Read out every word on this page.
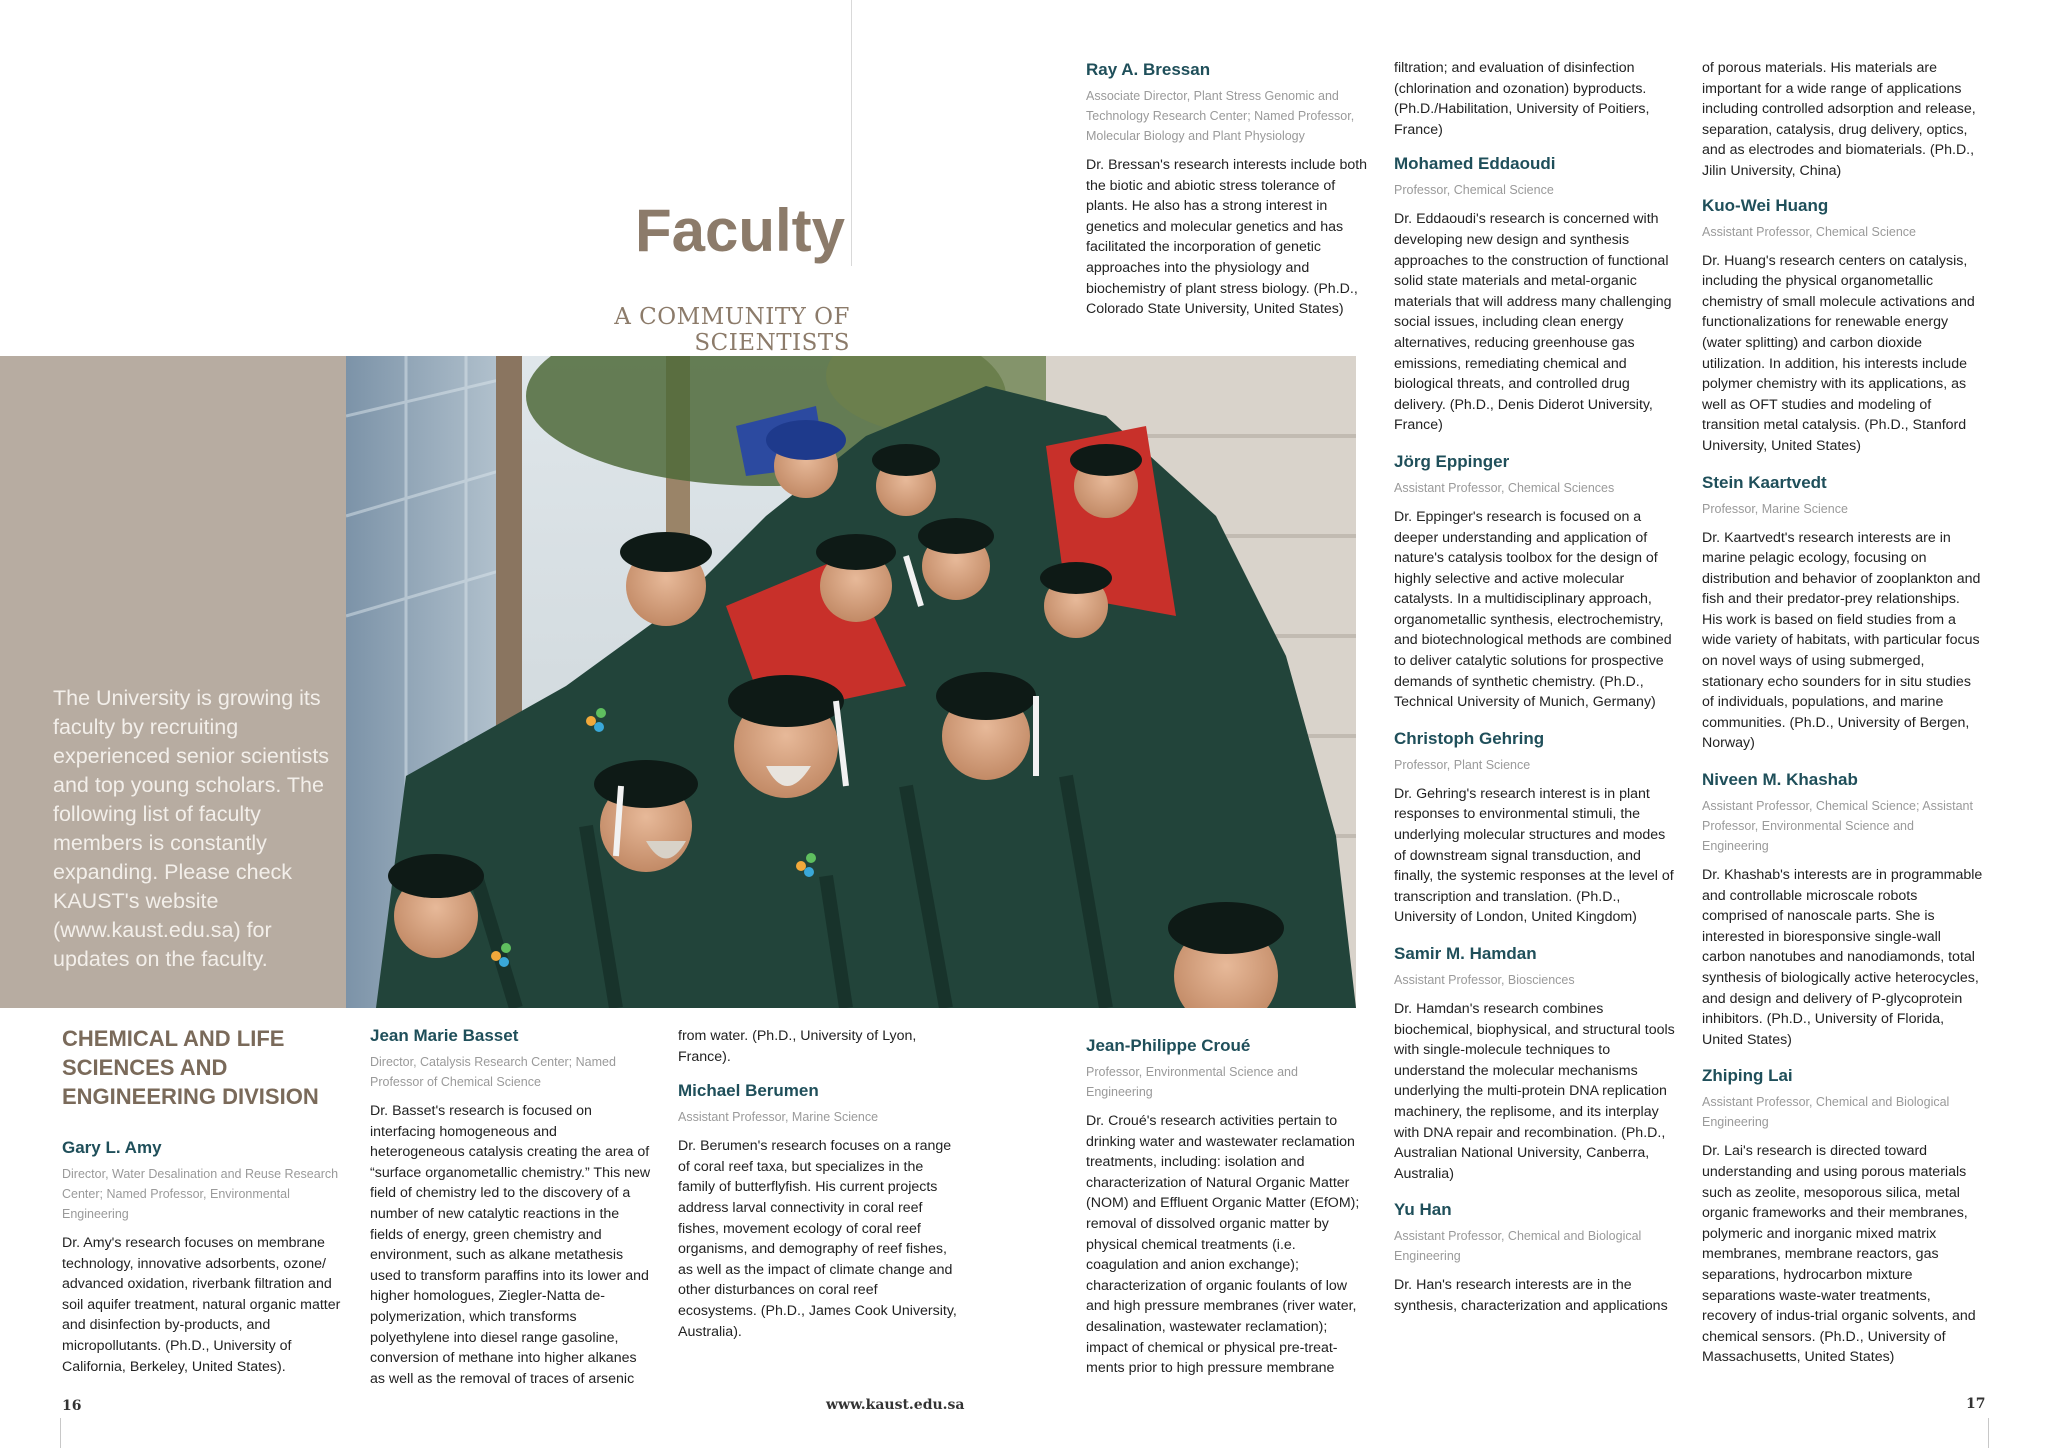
Faculty
A COMMUNITY OF SCIENTISTS

The University is growing its faculty by recruiting experienced senior scientists and top young scholars. The following list of faculty members is constantly expanding. Please check KAUST's website (www.kaust.edu.sa) for updates on the faculty.

CHEMICAL AND LIFE SCIENCES AND ENGINEERING DIVISION

Gary L. Amy

Director, Water Desalination and Reuse Research Center; Named Professor, Environmental Engineering

Dr. Amy's research focuses on membrane technology, innovative adsorbents, ozone/ advanced oxidation, riverbank filtration and soil aquifer treatment, natural organic matter and disinfection by-products, and micropollutants. (Ph.D., University of California, Berkeley, United States).

Jean Marie Basset

Director, Catalysis Research Center; Named Professor of Chemical Science

Dr. Basset's research is focused on interfacing homogeneous and heterogeneous catalysis creating the area of “surface organometallic chemistry.” This new field of chemistry led to the discovery of a number of new catalytic reactions in the fields of energy, green chemistry and environment, such as alkane metathesis used to transform paraffins into its lower and higher homologues, Ziegler-Natta de-polymerization, which transforms polyethylene into diesel range gasoline, conversion of methane into higher alkanes as well as the removal of traces of arsenic

from water. (Ph.D., University of Lyon, France).

Michael Berumen

Assistant Professor, Marine Science

Dr. Berumen's research focuses on a range of coral reef taxa, but specializes in the family of butterflyfish. His current projects address larval connectivity in coral reef fishes, movement ecology of coral reef organisms, and demography of reef fishes, as well as the impact of climate change and other disturbances on coral reef ecosystems. (Ph.D., James Cook University, Australia).

Ray A. Bressan

Associate Director, Plant Stress Genomic and Technology Research Center; Named Professor, Molecular Biology and Plant Physiology

Dr. Bressan's research interests include both the biotic and abiotic stress tolerance of plants. He also has a strong interest in genetics and molecular genetics and has facilitated the incorporation of genetic approaches into the physiology and biochemistry of plant stress biology. (Ph.D., Colorado State University, United States)

Jean-Philippe Croué

Professor, Environmental Science and Engineering

Dr. Croué's research activities pertain to drinking water and wastewater reclamation treatments, including: isolation and characterization of Natural Organic Matter (NOM) and Effluent Organic Matter (EfOM); removal of dissolved organic matter by physical chemical treatments (i.e. coagulation and anion exchange); characterization of organic foulants of low and high pressure membranes (river water, desalination, wastewater reclamation); impact of chemical or physical pre-treat-ments prior to high pressure membrane

filtration; and evaluation of disinfection (chlorination and ozonation) byproducts. (Ph.D./Habilitation, University of Poitiers, France)

Mohamed Eddaoudi

Professor, Chemical Science

Dr. Eddaoudi's research is concerned with developing new design and synthesis approaches to the construction of functional solid state materials and metal-organic materials that will address many challenging social issues, including clean energy alternatives, reducing greenhouse gas emissions, remediating chemical and biological threats, and controlled drug delivery. (Ph.D., Denis Diderot University, France)

Jörg Eppinger

Assistant Professor, Chemical Sciences

Dr. Eppinger's research is focused on a deeper understanding and application of nature's catalysis toolbox for the design of highly selective and active molecular catalysts. In a multidisciplinary approach, organometallic synthesis, electrochemistry, and biotechnological methods are combined to deliver catalytic solutions for prospective demands of synthetic chemistry. (Ph.D., Technical University of Munich, Germany)

Christoph Gehring

Professor, Plant Science

Dr. Gehring's research interest is in plant responses to environmental stimuli, the underlying molecular structures and modes of downstream signal transduction, and finally, the systemic responses at the level of transcription and translation. (Ph.D., University of London, United Kingdom)

Samir M. Hamdan

Assistant Professor, Biosciences

Dr. Hamdan's research combines biochemical, biophysical, and structural tools with single-molecule techniques to understand the molecular mechanisms underlying the multi-protein DNA replication machinery, the replisome, and its interplay with DNA repair and recombination. (Ph.D., Australian National University, Canberra, Australia)

Yu Han

Assistant Professor, Chemical and Biological Engineering

Dr. Han's research interests are in the synthesis, characterization and applications

of porous materials. His materials are important for a wide range of applications including controlled adsorption and release, separation, catalysis, drug delivery, optics, and as electrodes and biomaterials. (Ph.D., Jilin University, China)

Kuo-Wei Huang

Assistant Professor, Chemical Science

Dr. Huang's research centers on catalysis, including the physical organometallic chemistry of small molecule activations and functionalizations for renewable energy (water splitting) and carbon dioxide utilization. In addition, his interests include polymer chemistry with its applications, as well as OFT studies and modeling of transition metal catalysis. (Ph.D., Stanford University, United States)

Stein Kaartvedt

Professor, Marine Science

Dr. Kaartvedt's research interests are in marine pelagic ecology, focusing on distribution and behavior of zooplankton and fish and their predator-prey relationships. His work is based on field studies from a wide variety of habitats, with particular focus on novel ways of using submerged, stationary echo sounders for in situ studies of individuals, populations, and marine communities. (Ph.D., University of Bergen, Norway)

Niveen M. Khashab

Assistant Professor, Chemical Science; Assistant Professor, Environmental Science and Engineering

Dr. Khashab's interests are in programmable and controllable microscale robots comprised of nanoscale parts. She is interested in bioresponsive single-wall carbon nanotubes and nanodiamonds, total synthesis of biologically active heterocycles, and design and delivery of P-glycoprotein inhibitors. (Ph.D., University of Florida, United States)

Zhiping Lai

Assistant Professor, Chemical and Biological Engineering

Dr. Lai's research is directed toward understanding and using porous materials such as zeolite, mesoporous silica, metal organic frameworks and their membranes, polymeric and inorganic mixed matrix membranes, membrane reactors, gas separations, hydrocarbon mixture separations waste-water treatments, recovery of indus-trial organic solvents, and chemical sensors. (Ph.D., University of Massachusetts, United States)

16	www.kaust.edu.sa	17
